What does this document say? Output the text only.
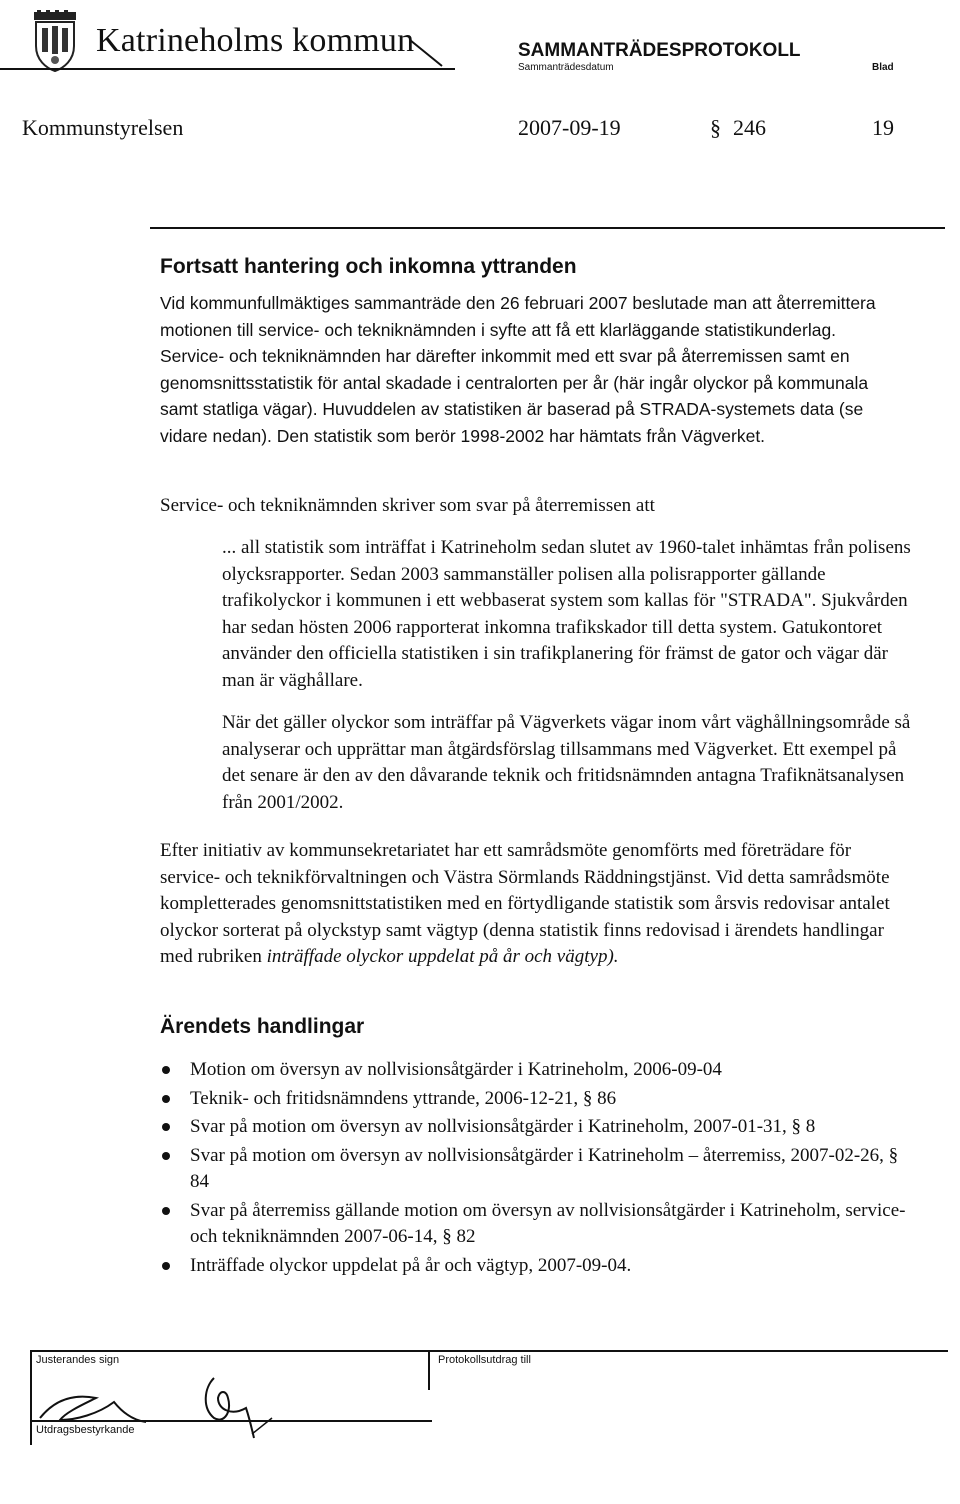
Katrineholms kommun	SAMMANTRÄDESPROTOKOLL
Sammanträdesdatum	Blad
Kommunstyrelsen	2007-09-19	§ 246	19
Fortsatt hantering och inkomna yttranden
Vid kommunfullmäktiges sammanträde den 26 februari 2007 beslutade man att återremittera motionen till service- och tekniknämnden i syfte att få ett klarläggande statistikunderlag. Service- och tekniknämnden har därefter inkommit med ett svar på återremissen samt en genomsnittsstatistik för antal skadade i centralorten per år (här ingår olyckor på kommunala samt statliga vägar). Huvuddelen av statistiken är baserad på STRADA-systemets data (se vidare nedan). Den statistik som berör 1998-2002 har hämtats från Vägverket.
Service- och tekniknämnden skriver som svar på återremissen att
... all statistik som inträffat i Katrineholm sedan slutet av 1960-talet inhämtas från polisens olycksrapporter. Sedan 2003 sammanställer polisen alla polisrapporter gällande trafikolyckor i kommunen i ett webbaserat system som kallas för "STRADA". Sjukvården har sedan hösten 2006 rapporterat inkomna trafikskador till detta system. Gatukontoret använder den officiella statistiken i sin trafikplanering för främst de gator och vägar där man är väghållare.
När det gäller olyckor som inträffar på Vägverkets vägar inom vårt väghållningsområde så analyserar och upprättar man åtgärdsförslag tillsammans med Vägverket. Ett exempel på det senare är den av den dåvarande teknik och fritidsnämnden antagna Trafiknätsanalysen från 2001/2002.
Efter initiativ av kommunsekretariatet har ett samrådsmöte genomförts med företrädare för service- och teknikförvaltningen och Västra Sörmlands Räddningstjänst. Vid detta samrådsmöte kompletterades genomsnittstatistiken med en förtydligande statistik som årsvis redovisar antalet olyckor sorterat på olyckstyp samt vägtyp (denna statistik finns redovisad i ärendets handlingar med rubriken inträffade olyckor uppdelat på år och vägtyp).
Ärendets handlingar
Motion om översyn av nollvisionsåtgärder i Katrineholm, 2006-09-04
Teknik- och fritidsnämndens yttrande, 2006-12-21, § 86
Svar på motion om översyn av nollvisionsåtgärder i Katrineholm, 2007-01-31, § 8
Svar på motion om översyn av nollvisionsåtgärder i Katrineholm – återremiss, 2007-02-26, § 84
Svar på återremiss gällande motion om översyn av nollvisionsåtgärder i Katrineholm, service- och tekniknämnden 2007-06-14, § 82
Inträffade olyckor uppdelat på år och vägtyp, 2007-09-04.
Justerandes sign
Utdragsbestyrkande
Protokollsutdrag till
